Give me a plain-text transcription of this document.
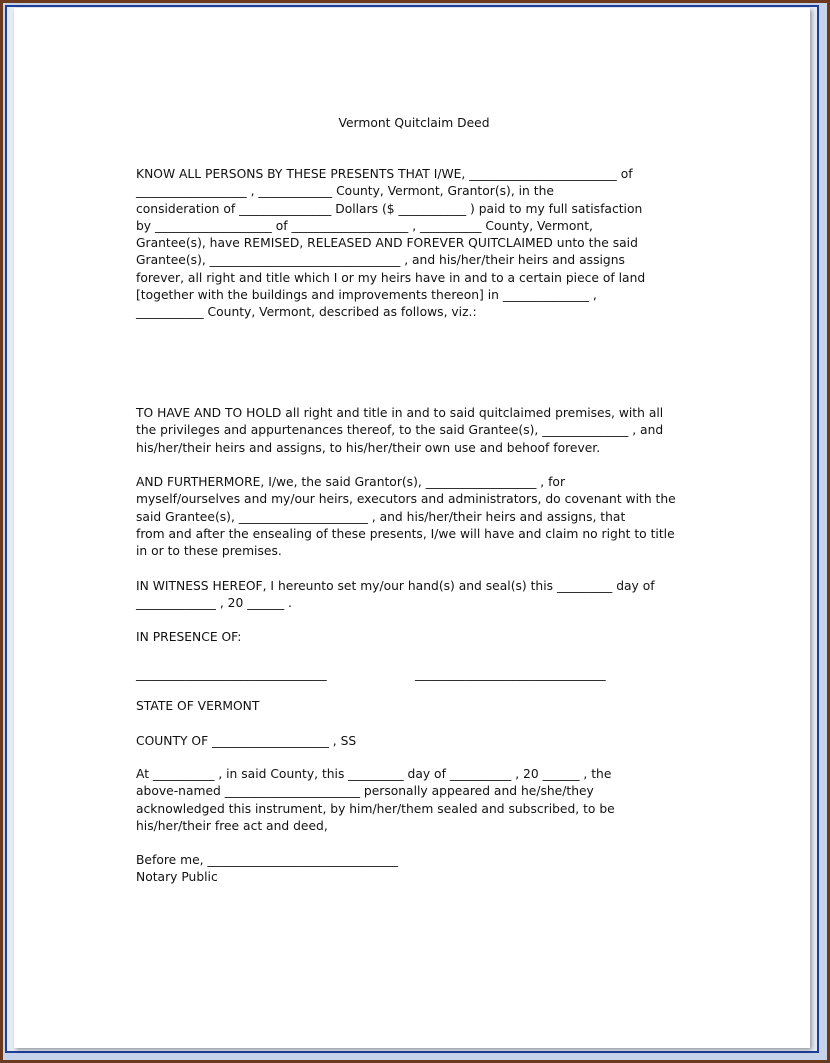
Vermont Quitclaim Deed
KNOW ALL PERSONS BY THESE PRESENTS THAT I/WE, ________________________ of
__________________ , ____________ County, Vermont, Grantor(s), in the
consideration of _______________ Dollars ($ ___________ ) paid to my full satisfaction
by ___________________ of ___________________ , __________ County, Vermont,
Grantee(s), have REMISED, RELEASED AND FOREVER QUITCLAIMED unto the said
Grantee(s), _______________________________ , and his/her/their heirs and assigns
forever, all right and title which I or my heirs have in and to a certain piece of land
[together with the buildings and improvements thereon] in ______________ ,
___________ County, Vermont, described as follows, viz.:
TO HAVE AND TO HOLD all right and title in and to said quitclaimed premises, with all
the privileges and appurtenances thereof, to the said Grantee(s), ______________ , and
his/her/their heirs and assigns, to his/her/their own use and behoof forever.
AND FURTHERMORE, I/we, the said Grantor(s), __________________ , for
myself/ourselves and my/our heirs, executors and administrators, do covenant with the
said Grantee(s), _____________________ , and his/her/their heirs and assigns, that
from and after the ensealing of these presents, I/we will have and claim no right to title
in or to these premises.
IN WITNESS HEREOF, I hereunto set my/our hand(s) and seal(s) this _________ day of
_____________ , 20 ______ .
IN PRESENCE OF:
_______________________________	_______________________________
STATE OF VERMONT
COUNTY OF ___________________ , SS
At __________ , in said County, this _________ day of __________ , 20 ______ , the
above-named ______________________ personally appeared and he/she/they
acknowledged this instrument, by him/her/them sealed and subscribed, to be
his/her/their free act and deed,
Before me, _______________________________
Notary Public
